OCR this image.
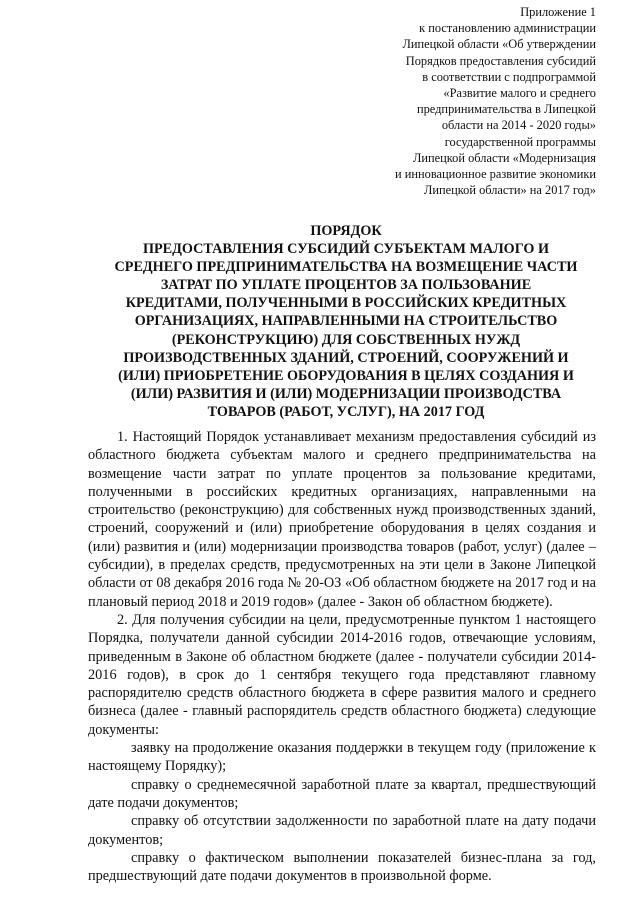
Приложение 1
к постановлению администрации
Липецкой области «Об утверждении
Порядков предоставления субсидий
в соответствии с подпрограммой
«Развитие малого и среднего
предпринимательства в Липецкой
области на 2014 - 2020 годы»
государственной программы
Липецкой области «Модернизация
и инновационное развитие экономики
Липецкой области» на 2017 год»
ПОРЯДОК
ПРЕДОСТАВЛЕНИЯ СУБСИДИЙ СУБЪЕКТАМ МАЛОГО И
СРЕДНЕГО ПРЕДПРИНИМАТЕЛЬСТВА НА ВОЗМЕЩЕНИЕ ЧАСТИ
ЗАТРАТ ПО УПЛАТЕ ПРОЦЕНТОВ ЗА ПОЛЬЗОВАНИЕ
КРЕДИТАМИ, ПОЛУЧЕННЫМИ В РОССИЙСКИХ КРЕДИТНЫХ
ОРГАНИЗАЦИЯХ, НАПРАВЛЕННЫМИ НА СТРОИТЕЛЬСТВО
(РЕКОНСТРУКЦИЮ) ДЛЯ СОБСТВЕННЫХ НУЖД
ПРОИЗВОДСТВЕННЫХ ЗДАНИЙ, СТРОЕНИЙ, СООРУЖЕНИЙ И
(ИЛИ) ПРИОБРЕТЕНИЕ ОБОРУДОВАНИЯ В ЦЕЛЯХ СОЗДАНИЯ И
(ИЛИ) РАЗВИТИЯ И (ИЛИ) МОДЕРНИЗАЦИИ ПРОИЗВОДСТВА
ТОВАРОВ (РАБОТ, УСЛУГ), НА 2017 ГОД

1. Настоящий Порядок устанавливает механизм предоставления субсидий из областного бюджета субъектам малого и среднего предпринимательства на возмещение части затрат по уплате процентов за пользование кредитами, полученными в российских кредитных организациях, направленными на строительство (реконструкцию) для собственных нужд производственных зданий, строений, сооружений и (или) приобретение оборудования в целях создания и (или) развития и (или) модернизации производства товаров (работ, услуг) (далее – субсидии), в пределах средств, предусмотренных на эти цели в Законе Липецкой области от 08 декабря 2016 года № 20-ОЗ «Об областном бюджете на 2017 год и на плановый период 2018 и 2019 годов» (далее - Закон об областном бюджете).

2. Для получения субсидии на цели, предусмотренные пунктом 1 настоящего Порядка, получатели данной субсидии 2014-2016 годов, отвечающие условиям, приведенным в Законе об областном бюджете (далее - получатели субсидии 2014-2016 годов), в срок до 1 сентября текущего года представляют главному распорядителю средств областного бюджета в сфере развития малого и среднего бизнеса (далее - главный распорядитель средств областного бюджета) следующие документы:

заявку на продолжение оказания поддержки в текущем году (приложение к настоящему Порядку);

справку о среднемесячной заработной плате за квартал, предшествующий дате подачи документов;

справку об отсутствии задолженности по заработной плате на дату подачи документов;

справку о фактическом выполнении показателей бизнес-плана за год, предшествующий дате подачи документов в произвольной форме.
